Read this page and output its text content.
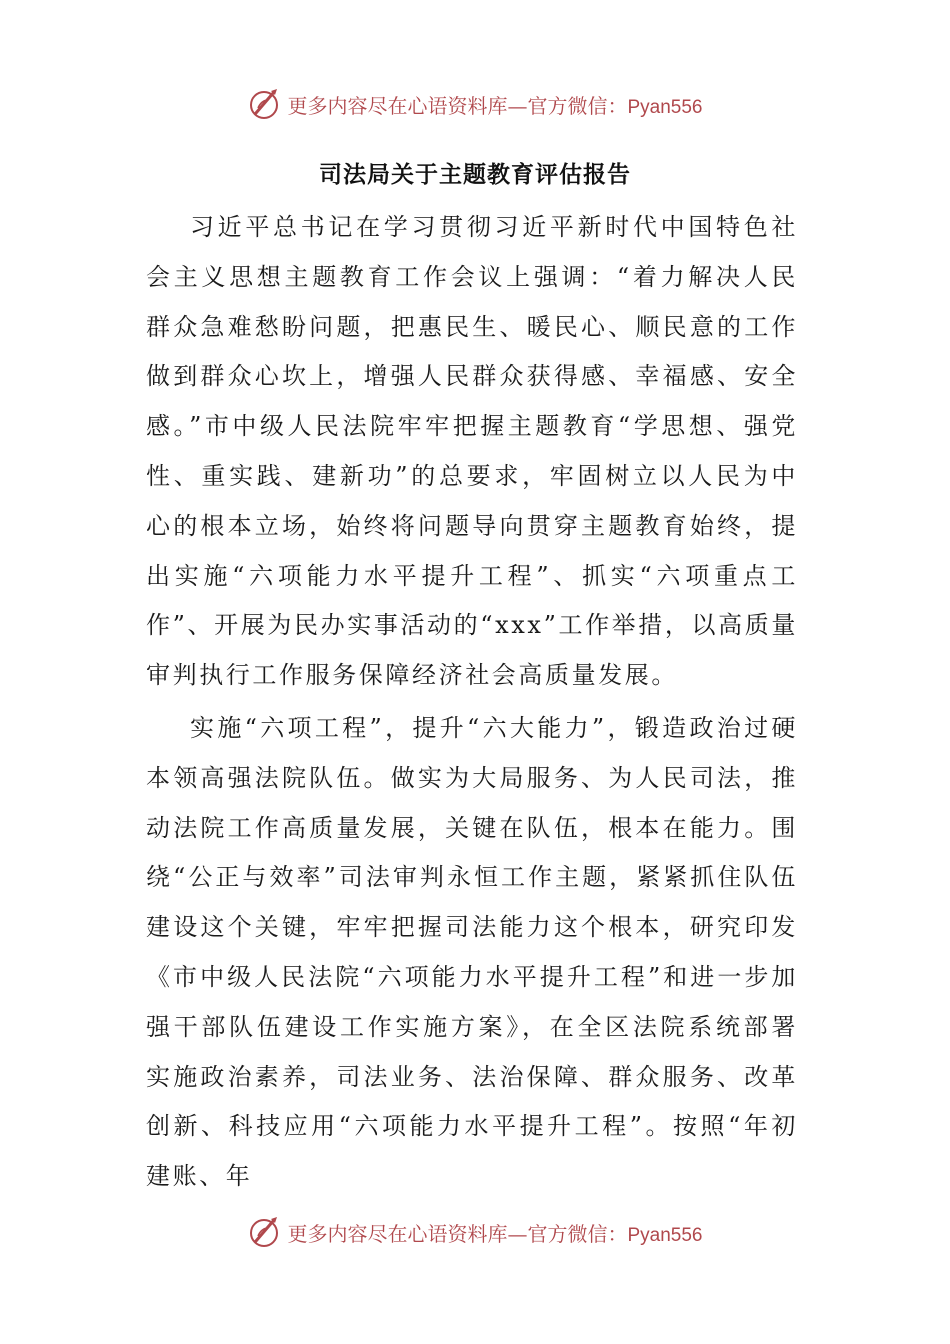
更多内容尽在心语资料库—官方微信：Pyan556
司法局关于主题教育评估报告

习近平总书记在学习贯彻习近平新时代中国特色社会主义思想主题教育工作会议上强调：“着力解决人民群众急难愁盼问题，把惠民生、暖民心、顺民意的工作做到群众心坎上，增强人民群众获得感、幸福感、安全感。”市中级人民法院牢牢把握主题教育“学思想、强党性、重实践、建新功”的总要求，牢固树立以人民为中心的根本立场，始终将问题导向贯穿主题教育始终，提出实施“六项能力水平提升工程”、抓实“六项重点工作”、开展为民办实事活动的“xxx”工作举措，以高质量审判执行工作服务保障经济社会高质量发展。

实施“六项工程”，提升“六大能力”，锻造政治过硬本领高强法院队伍。做实为大局服务、为人民司法，推动法院工作高质量发展，关键在队伍，根本在能力。围绕“公正与效率”司法审判永恒工作主题，紧紧抓住队伍建设这个关键，牢牢把握司法能力这个根本，研究印发《市中级人民法院“六项能力水平提升工程”和进一步加强干部队伍建设工作实施方案》，在全区法院系统部署实施政治素养，司法业务、法治保障、群众服务、改革创新、科技应用“六项能力水平提升工程”。按照“年初建账、年

更多内容尽在心语资料库—官方微信：Pyan556
